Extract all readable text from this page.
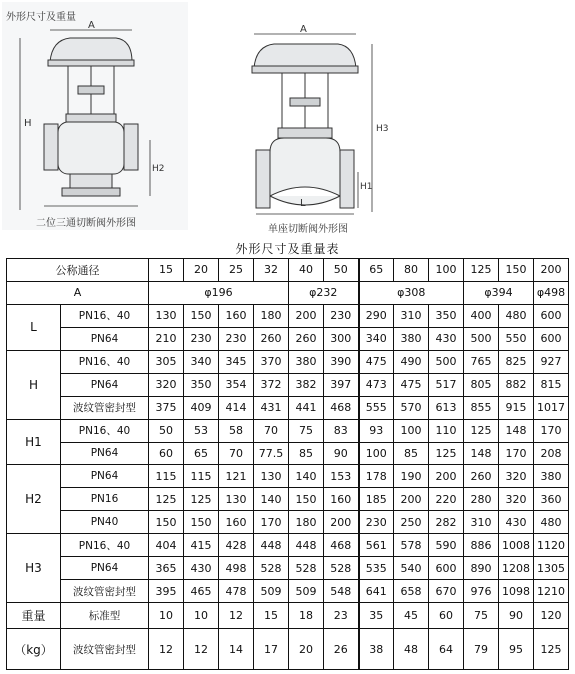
外形尺寸及重量
A
H
H2
二位三通切断阀外形图
A
H3
H1
L
单座切断阀外形图
外形尺寸及重量表
公称通径		15	20	25	32	40	50	65	80	100	125	150	200
A		φ196				φ232		φ308			φ394		φ498
L	PN16、40	130	150	160	180	200	230	290	310	350	400	480	600
	PN64	210	230	230	260	260	300	340	380	430	500	550	600
H	PN16、40	305	340	345	370	380	390	475	490	500	765	825	927
	PN64	320	350	354	372	382	397	473	475	517	805	882	815
	波纹管密封型	375	409	414	431	441	468	555	570	613	855	915	1017
H1	PN16、40	50	53	58	70	75	83	93	100	110	125	148	170
	PN64	60	65	70	77.5	85	90	100	85	125	148	170	208
H2	PN64	115	115	121	130	140	153	178	190	200	260	320	380
	PN16	125	125	130	140	150	160	185	200	220	280	320	360
	PN40	150	150	160	170	180	200	230	250	282	310	430	480
H3	PN16、40	404	415	428	448	448	468	561	578	590	886	1008	1120
	PN64	365	430	498	528	528	528	535	540	600	890	1208	1305
	波纹管密封型	395	465	478	509	509	548	641	658	670	976	1098	1210
重量	标准型	10	10	12	15	18	23	35	45	60	75	90	120
（kg）	波纹管密封型	12	12	14	17	20	26	38	48	64	79	95	125
